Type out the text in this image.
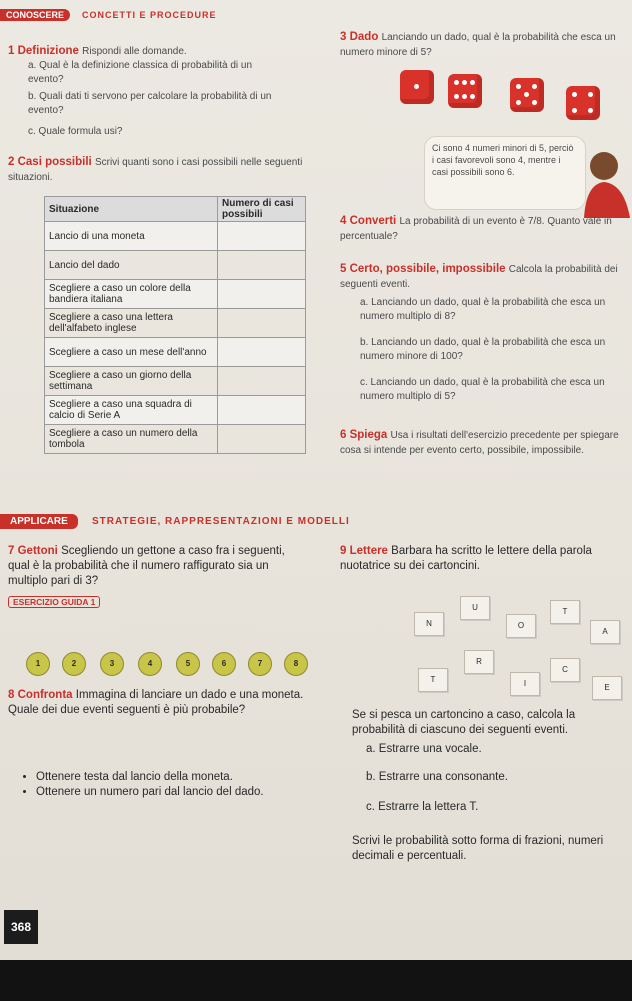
CONOSCERE	CONCETTI E PROCEDURE
1 Definizione Rispondi alle domande.
a. Qual è la definizione classica di probabilità di un evento?
b. Quali dati ti servono per calcolare la probabilità di un evento?
c. Quale formula usi?
2 Casi possibili Scrivi quanti sono i casi possibili nelle seguenti situazioni.
Situazione	Numero di casi possibili
Lancio di una moneta	
Lancio del dado	
Scegliere a caso un colore della bandiera italiana	
Scegliere a caso una lettera dell'alfabeto inglese	
Scegliere a caso un mese dell'anno	
Scegliere a caso un giorno della settimana	
Scegliere a caso una squadra di calcio di Serie A	
Scegliere a caso un numero della tombola	
3 Dado Lanciando un dado, qual è la probabilità che esca un numero minore di 5?
Ci sono 4 numeri minori di 5, perciò i casi favorevoli sono 4, mentre i casi possibili sono 6.
4 Converti La probabilità di un evento è 7/8. Quanto vale in percentuale?
5 Certo, possibile, impossibile Calcola la probabilità dei seguenti eventi.
a. Lanciando un dado, qual è la probabilità che esca un numero multiplo di 8?
b. Lanciando un dado, qual è la probabilità che esca un numero minore di 100?
c. Lanciando un dado, qual è la probabilità che esca un numero multiplo di 5?
6 Spiega Usa i risultati dell'esercizio precedente per spiegare cosa si intende per evento certo, possibile, impossibile.
APPLICARE	STRATEGIE, RAPPRESENTAZIONI E MODELLI
7 Gettoni Scegliendo un gettone a caso fra i seguenti, qual è la probabilità che il numero raffigurato sia un multiplo pari di 3?
ESERCIZIO GUIDA 1
1	2	3	4	5	6	7	8
8 Confronta Immagina di lanciare un dado e una moneta. Quale dei due eventi seguenti è più probabile?
• Ottenere testa dal lancio della moneta.
• Ottenere un numero pari dal lancio del dado.
9 Lettere Barbara ha scritto le lettere della parola nuotatrice su dei cartoncini.
N
U
O
T
A
T
R
I
C
E
Se si pesca un cartoncino a caso, calcola la probabilità di ciascuno dei seguenti eventi.
a. Estrarre una vocale.
b. Estrarre una consonante.
c. Estrarre la lettera T.
Scrivi le probabilità sotto forma di frazioni, numeri decimali e percentuali.
368
